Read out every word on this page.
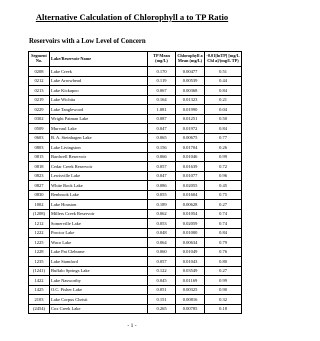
Alternative Calculation of Chlorophyll a to TP Ratio
Reservoirs with a Low Level of Concern
Segment No.	Lake/Reservoir Name	TP Mean (mg/L)	Chlorophyll a Mean (mg/L)	-0.01[lnTP] [mg/L Chl a]/(mg/L TP)
0208	Lake Creek	0.170	0.00477	0.51
0212	Lake Arrowhead	0.119	0.00539	0.44
0213	Lake Kickapoo	0.067	0.00368	0.84
0219	Lake Wichita	0.164	0.01323	0.21
0229	Lake Tanglewood	1.081	0.01990	0.04
0302	Wright Patman Lake	0.087	0.01251	0.50
0509	Murvaul Lake	0.047	0.01972	0.84
0603	B. A. Steinhagen Lake	0.065	0.00675	0.77
0803	Lake Livingston	0.156	0.01704	0.26
0815	Bardwell Reservoir	0.066	0.01046	0.99
0818	Cedar Creek Reservoir	0.057	0.01639	0.72
0823	Lewisville Lake	0.047	0.01077	0.96
0827	White Rock Lake	0.086	0.02055	0.45
0830	Benbrook Lake	0.055	0.01604	0.75
1002	Lake Houston	0.189	0.00628	0.27
(1208)	Millers Creek Reservoir	0.062	0.01054	0.74
1212	Somerville Lake	0.053	0.02059	0.74
1222	Proctor Lake	0.048	0.01000	0.84
1225	Waco Lake	0.064	0.00634	0.79
1228	Lake Pat Cleburne	0.060	0.01049	0.76
1235	Lake Stamford	0.057	0.01043	0.80
(1241)	Buffalo Springs Lake	0.122	0.03549	0.27
1422	Lake Nasworthy	0.045	0.01169	0.99
1425	O.C. Fisher Lake	0.051	0.00325	0.90
2103	Lake Corpus Christi	0.151	0.00816	0.32
(2454)	Cox Creek Lake	0.265	0.00785	0.18
- 1 -
